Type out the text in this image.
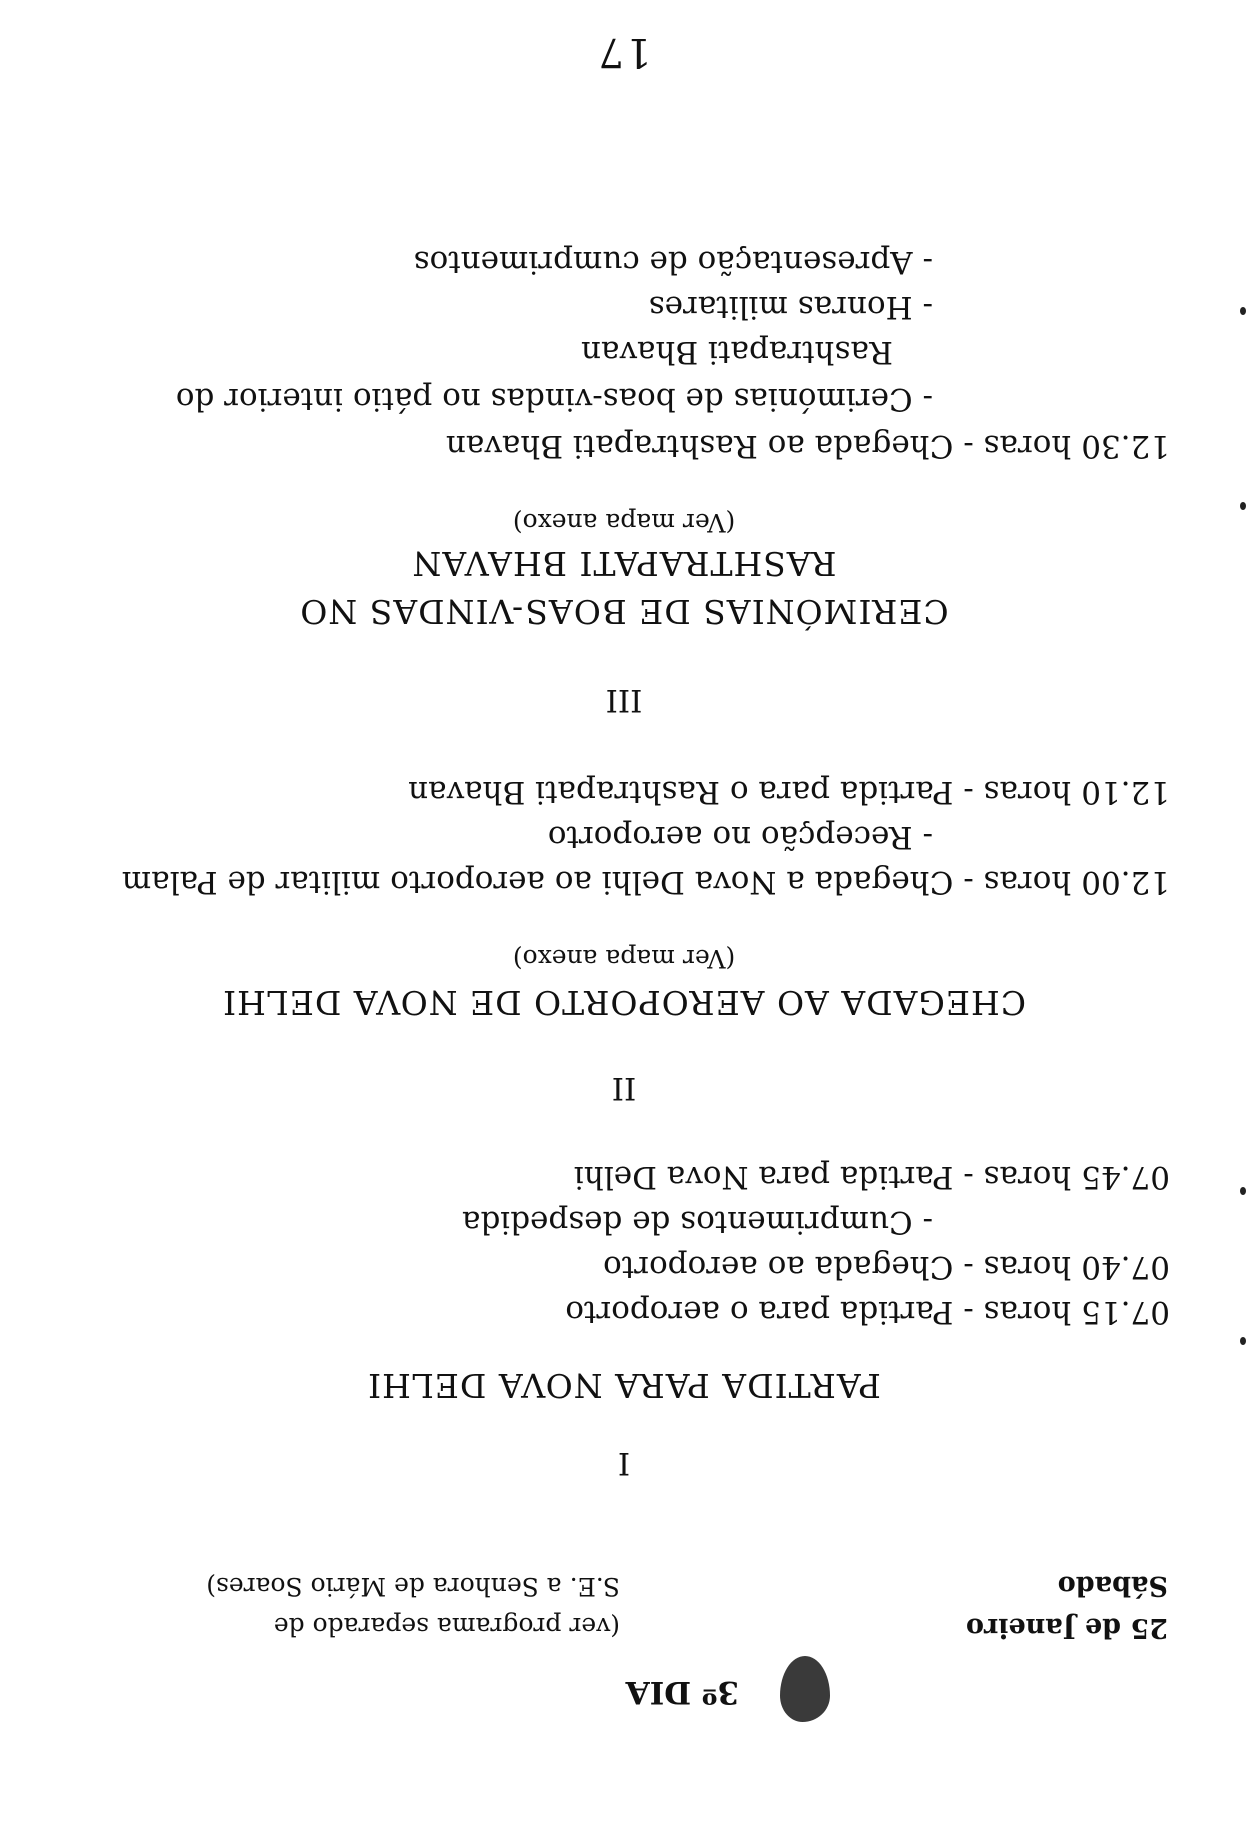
3º DIA
25 de Janeiro
Sábado
(ver programa separado de
S.E. a Senhora de Mário Soares)
I
PARTIDA PARA NOVA DELHI
07.15 horas - Partida para o aeroporto
07.40 horas - Chegada ao aeroporto
- Cumprimentos de despedida
07.45 horas - Partida para Nova Delhi
II
CHEGADA AO AEROPORTO DE NOVA DELHI
(Ver mapa anexo)
12.00 horas - Chegada a Nova Delhi ao aeroporto militar de Palam
- Recepção no aeroporto
12.10 horas - Partida para o Rashtrapati Bhavan
III
CERIMÓNIAS DE BOAS-VINDAS NO
RASHTRAPATI BHAVAN
(Ver mapa anexo)
12.30 horas - Chegada ao Rashtrapati Bhavan
- Cerimónias de boas-vindas no pátio interior do
Rashtrapati Bhavan
- Honras militares
- Apresentação de cumprimentos
17
